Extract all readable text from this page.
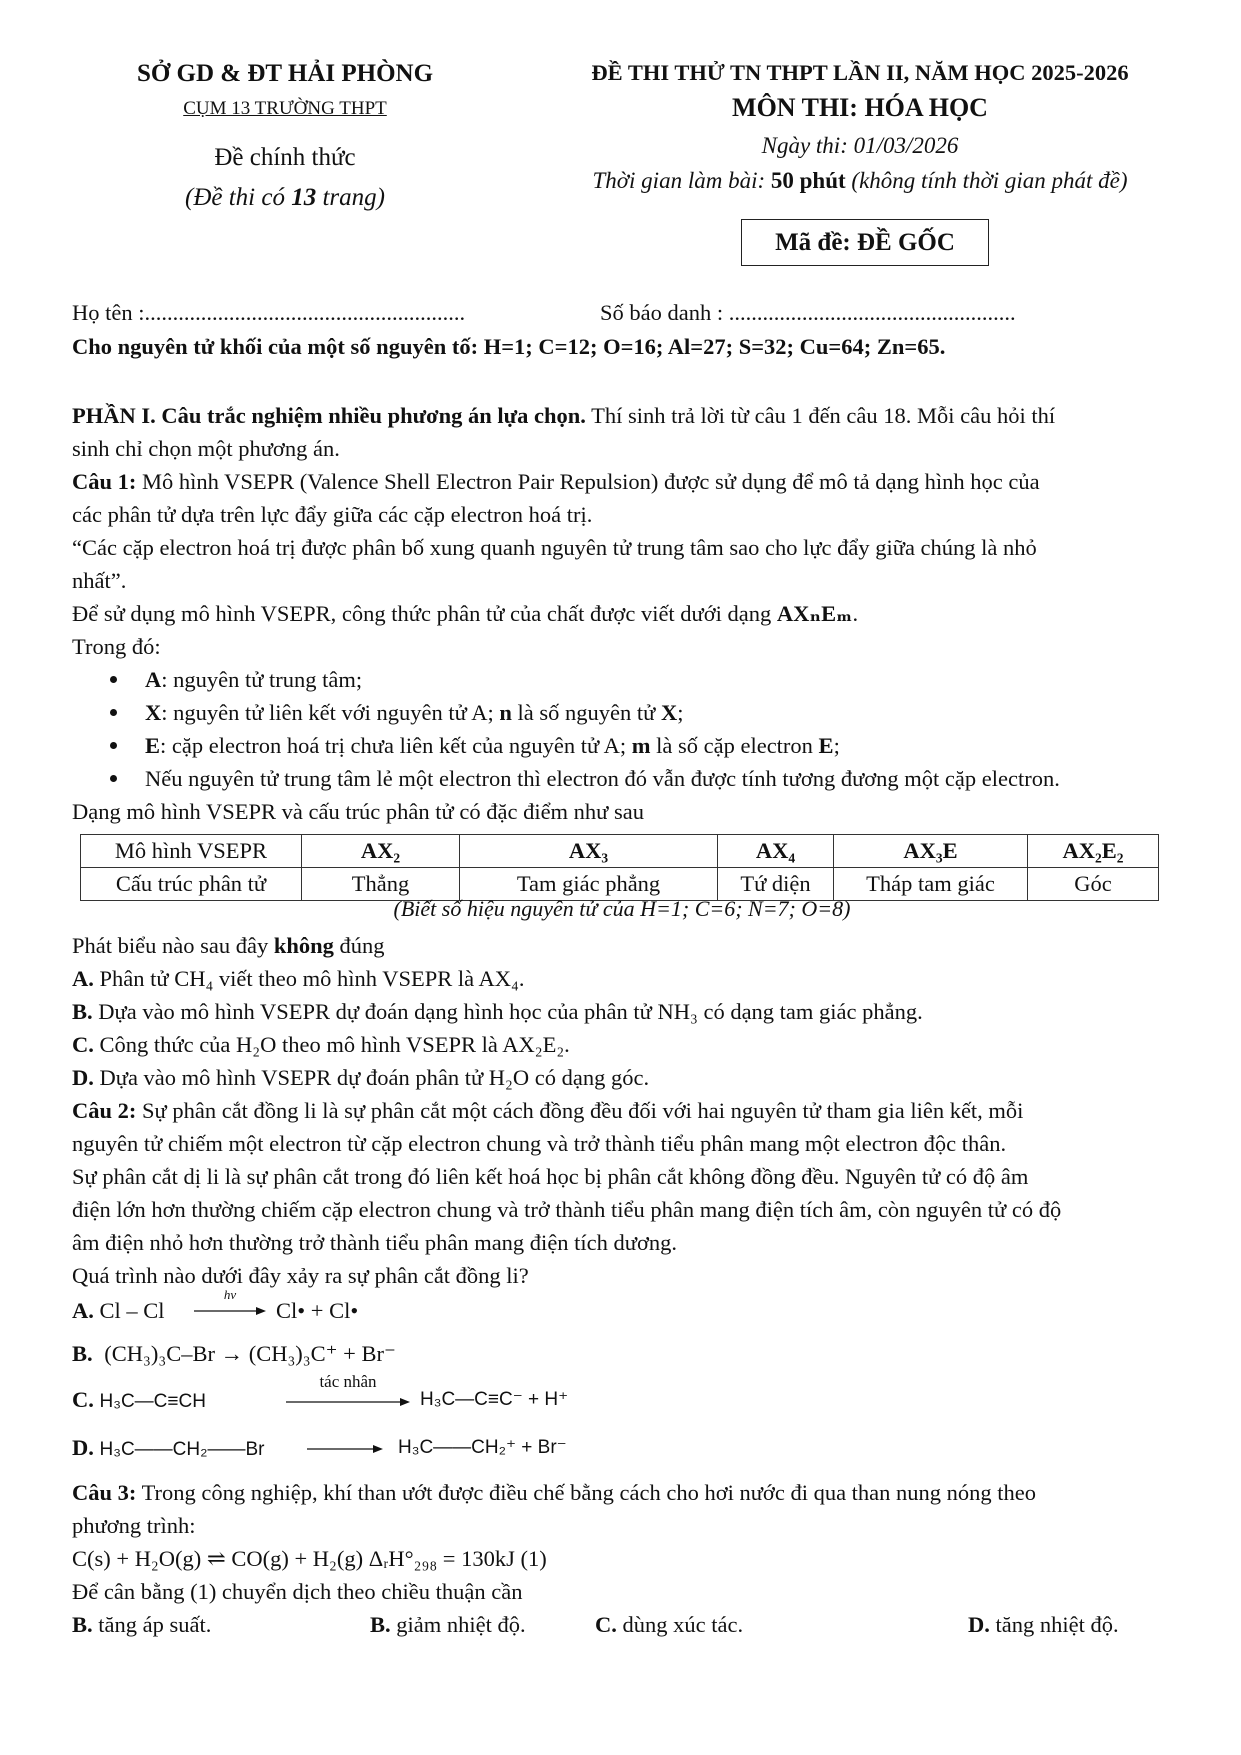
SỞ GD & ĐT HẢI PHÒNG
CỤM 13 TRƯỜNG THPT
Đề chính thức
(Đề thi có 13 trang)
ĐỀ THI THỬ TN THPT LẦN II, NĂM HỌC 2025-2026
MÔN THI: HÓA HỌC
Ngày thi: 01/03/2026
Thời gian làm bài: 50 phút (không tính thời gian phát đề)
Mã đề: ĐỀ GỐC
Họ tên :.........................................................	Số báo danh : ...................................................
Cho nguyên tử khối của một số nguyên tố: H=1; C=12; O=16; Al=27; S=32; Cu=64; Zn=65.
PHẦN I. Câu trắc nghiệm nhiều phương án lựa chọn. Thí sinh trả lời từ câu 1 đến câu 18. Mỗi câu hỏi thí
sinh chỉ chọn một phương án.
Câu 1: Mô hình VSEPR (Valence Shell Electron Pair Repulsion) được sử dụng để mô tả dạng hình học của
các phân tử dựa trên lực đẩy giữa các cặp electron hoá trị.
“Các cặp electron hoá trị được phân bố xung quanh nguyên tử trung tâm sao cho lực đẩy giữa chúng là nhỏ
nhất”.
Để sử dụng mô hình VSEPR, công thức phân tử của chất được viết dưới dạng AXₙEₘ.
Trong đó:
A: nguyên tử trung tâm;
X: nguyên tử liên kết với nguyên tử A; n là số nguyên tử X;
E: cặp electron hoá trị chưa liên kết của nguyên tử A; m là số cặp electron E;
Nếu nguyên tử trung tâm lẻ một electron thì electron đó vẫn được tính tương đương một cặp electron.
Dạng mô hình VSEPR và cấu trúc phân tử có đặc điểm như sau
Mô hình VSEPR	AX₂	AX₃	AX₄	AX₃E	AX₂E₂
Cấu trúc phân tử	Thẳng	Tam giác phẳng	Tứ diện	Tháp tam giác	Góc
(Biết số hiệu nguyên tử của H=1; C=6; N=7; O=8)
Phát biểu nào sau đây không đúng
A. Phân tử CH₄ viết theo mô hình VSEPR là AX₄.
B. Dựa vào mô hình VSEPR dự đoán dạng hình học của phân tử NH₃ có dạng tam giác phẳng.
C. Công thức của H₂O theo mô hình VSEPR là AX₂E₂.
D. Dựa vào mô hình VSEPR dự đoán phân tử H₂O có dạng góc.
Câu 2: Sự phân cắt đồng li là sự phân cắt một cách đồng đều đối với hai nguyên tử tham gia liên kết, mỗi
nguyên tử chiếm một electron từ cặp electron chung và trở thành tiểu phân mang một electron độc thân.
Sự phân cắt dị li là sự phân cắt trong đó liên kết hoá học bị phân cắt không đồng đều. Nguyên tử có độ âm
điện lớn hơn thường chiếm cặp electron chung và trở thành tiểu phân mang điện tích âm, còn nguyên tử có độ
âm điện nhỏ hơn thường trở thành tiểu phân mang điện tích dương.
Quá trình nào dưới đây xảy ra sự phân cắt đồng li?
A. Cl – Cl
hv
→ Cl• + Cl•
B. (CH₃)₃C–Br → (CH₃)₃C⁺ + Br⁻
C. H₃C—C≡CH
tác nhân
H₃C—C≡C⁻ + H⁺
D. H₃C——CH₂——Br → H₃C——CH₂⁺ + Br⁻
Câu 3: Trong công nghiệp, khí than ướt được điều chế bằng cách cho hơi nước đi qua than nung nóng theo
phương trình:
C(s) + H₂O(g) ⇌ CO(g) + H₂(g) ΔᵣH°₂₉₈ = 130kJ (1)
Để cân bằng (1) chuyển dịch theo chiều thuận cần
B. tăng áp suất.	B. giảm nhiệt độ.	C. dùng xúc tác.	D. tăng nhiệt độ.
